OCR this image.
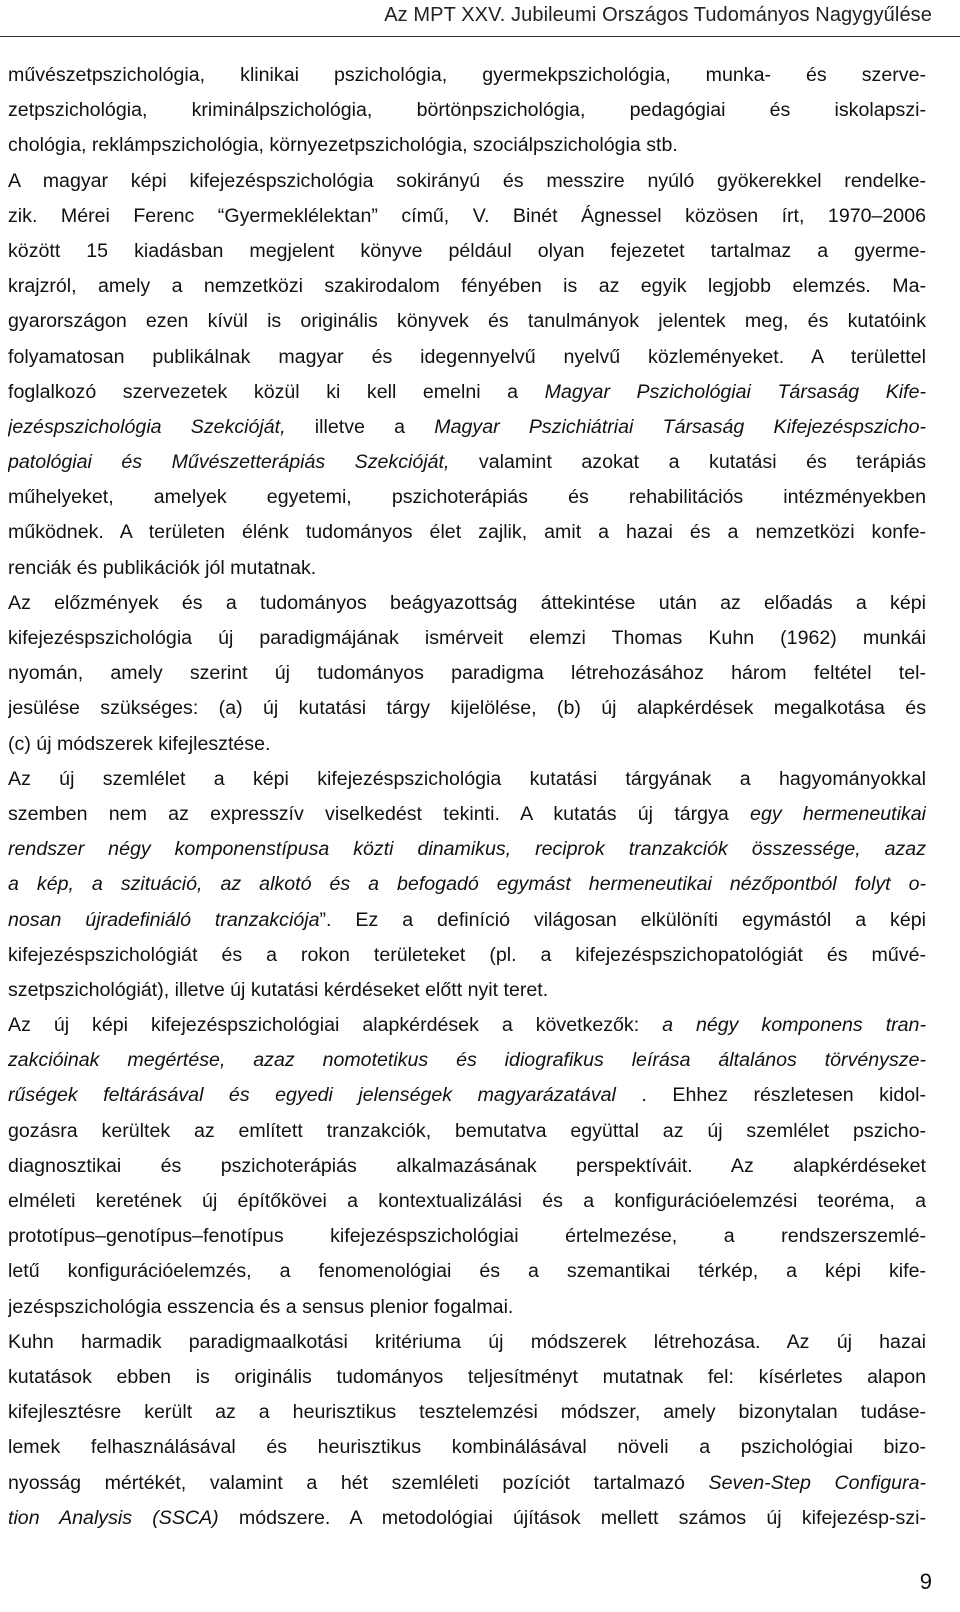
Az MPT XXV. Jubileumi Országos Tudományos Nagygyűlése
művészetpszichológia, klinikai pszichológia, gyermekpszichológia, munka- és szerve-
zetpszichológia, kriminálpszichológia, börtönpszichológia, pedagógiai és iskolapszi-
chológia, reklámpszichológia, környezetpszichológia, szociálpszichológia stb.
A magyar képi kifejezéspszichológia sokirányú és messzire nyúló gyökerekkel rendelke-
zik. Mérei Ferenc “Gyermeklélektan” című, V. Binét Ágnessel közösen írt, 1970–2006
között 15 kiadásban megjelent könyve például olyan fejezetet tartalmaz a gyerme-
krajzról, amely a nemzetközi szakirodalom fényében is az egyik legjobb elemzés. Ma-
gyarországon ezen kívül is originális könyvek és tanulmányok jelentek meg, és kutatóink
folyamatosan publikálnak magyar és idegennyelvű nyelvű közleményeket. A területtel
foglalkozó szervezetek közül ki kell emelni a Magyar Pszichológiai Társaság Kife-
jezéspszichológia Szekcióját, illetve a Magyar Pszichiátriai Társaság Kifejezéspszicho-
patológiai és Művészetterápiás Szekcióját, valamint azokat a kutatási és terápiás
műhelyeket, amelyek egyetemi, pszichoterápiás és rehabilitációs intézményekben
működnek. A területen élénk tudományos élet zajlik, amit a hazai és a nemzetközi konfe-
renciák és publikációk jól mutatnak.
Az előzmények és a tudományos beágyazottság áttekintése után az előadás a képi
kifejezéspszichológia új paradigmájának ismérveit elemzi Thomas Kuhn (1962) munkái
nyomán, amely szerint új tudományos paradigma létrehozásához három feltétel tel-
jesülése szükséges: (a) új kutatási tárgy kijelölése, (b) új alapkérdések megalkotása és
(c) új módszerek kifejlesztése.
Az új szemlélet a képi kifejezéspszichológia kutatási tárgyának a hagyományokkal
szemben nem az expresszív viselkedést tekinti. A kutatás új tárgya egy hermeneutikai
rendszer négy komponenstípusa közti dinamikus, reciprok tranzakciók összessége, azaz
a kép, a szituáció, az alkotó és a befogadó egymást hermeneutikai nézőpontból folyt o-
nosan újradefiniáló tranzakciója”. Ez a definíció világosan elkülöníti egymástól a képi
kifejezéspszichológiát és a rokon területeket (pl. a kifejezéspszichopatológiát és művé-
szetpszichológiát), illetve új kutatási kérdéseket előtt nyit teret.
Az új képi kifejezéspszichológiai alapkérdések a következők: a négy komponens tran-
zakcióinak megértése, azaz nomotetikus és idiografikus leírása általános törvénysze-
rűségek feltárásával és egyedi jelenségek magyarázatával . Ehhez részletesen kidol-
gozásra kerültek az említett tranzakciók, bemutatva együttal az új szemlélet pszicho-
diagnosztikai és pszichoterápiás alkalmazásának perspektíváit. Az alapkérdéseket
elméleti keretének új építőkövei a kontextualizálási és a konfigurációelemzési teoréma, a
prototípus–genotípus–fenotípus kifejezéspszichológiai értelmezése, a rendszerszemlé-
letű konfigurációelemzés, a fenomenológiai és a szemantikai térkép, a képi kife-
jezéspszichológia esszencia és a sensus plenior fogalmai.
Kuhn harmadik paradigmaalkotási kritériuma új módszerek létrehozása. Az új hazai
kutatások ebben is originális tudományos teljesítményt mutatnak fel: kísérletes alapon
kifejlesztésre került az a heurisztikus tesztelemzési módszer, amely bizonytalan tudáse-
lemek felhasználásával és heurisztikus kombinálásával növeli a pszichológiai bizo-
nyosság mértékét, valamint a hét szemléleti pozíciót tartalmazó Seven-Step Configura-
tion Analysis (SSCA) módszere. A metodológiai újítások mellett számos új kifejezésp-szi-
9
